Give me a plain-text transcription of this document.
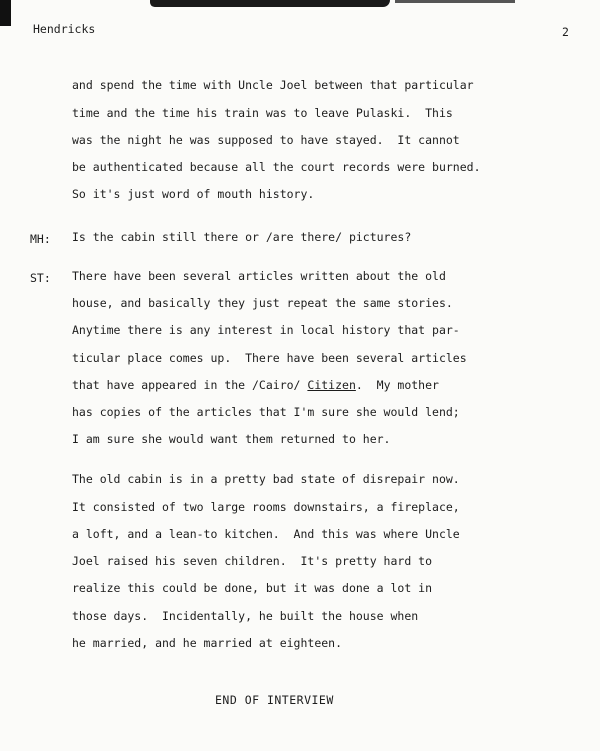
Hendricks	2
and spend the time with Uncle Joel between that particular
time and the time his train was to leave Pulaski.  This
was the night he was supposed to have stayed.  It cannot
be authenticated because all the court records were burned.
So it's just word of mouth history.
MH: Is the cabin still there or /are there/ pictures?
ST: There have been several articles written about the old
house, and basically they just repeat the same stories.
Anytime there is any interest in local history that par-
ticular place comes up.  There have been several articles
that have appeared in the /Cairo/ Citizen.  My mother
has copies of the articles that I'm sure she would lend;
I am sure she would want them returned to her.
The old cabin is in a pretty bad state of disrepair now.
It consisted of two large rooms downstairs, a fireplace,
a loft, and a lean-to kitchen.  And this was where Uncle
Joel raised his seven children.  It's pretty hard to
realize this could be done, but it was done a lot in
those days.  Incidentally, he built the house when
he married, and he married at eighteen.
END OF INTERVIEW
